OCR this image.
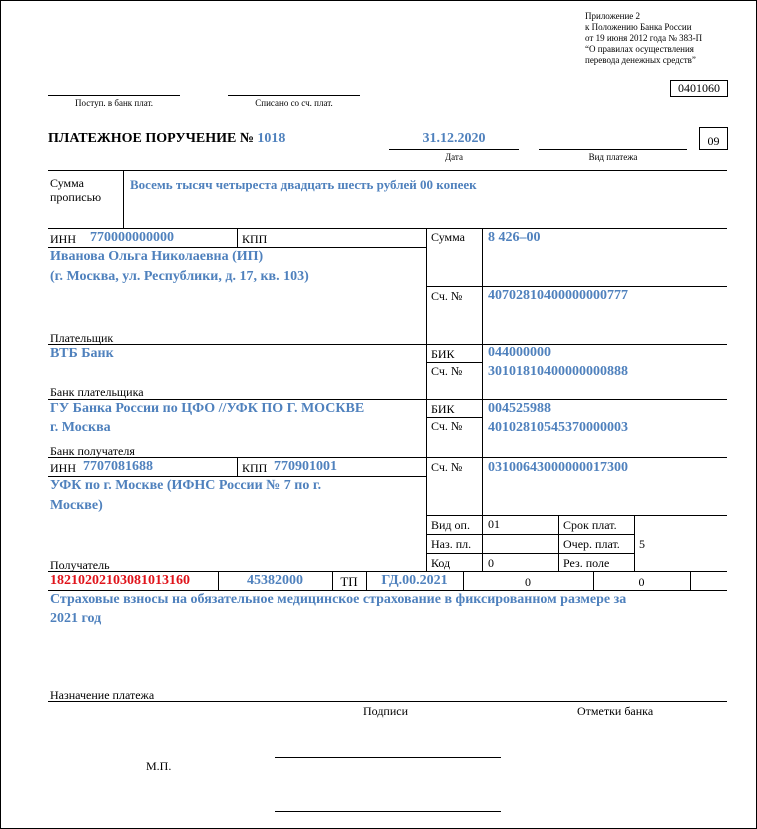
Приложение 2
к Положению Банка России
от 19 июня 2012 года № 383-П
“О правилах осуществления
перевода денежных средств”
0401060
Поступ. в банк плат.	Списано со сч. плат.
ПЛАТЕЖНОЕ ПОРУЧЕНИЕ № 1018	31.12.2020
Дата	Вид платежа
09
Сумма
прописью
Восемь тысяч четыреста двадцать шесть рублей 00 копеек
ИНН 770000000000	КПП	Сумма 8 426–00
Иванова Ольга Николаевна (ИП)
(г. Москва, ул. Республики, д. 17, кв. 103)
Сч. № 40702810400000000777
Плательщик
ВТБ Банк	БИК 044000000
Сч. № 30101810400000000888
Банк плательщика
ГУ Банка России по ЦФО //УФК ПО Г. МОСКВЕ
г. Москва
БИК 004525988
Сч. № 40102810545370000003
Банк получателя
ИНН 7707081688	КПП 770901001	Сч. № 03100643000000017300
УФК по г. Москве (ИФНС России № 7 по г.
Москве)
Вид оп. 01	Срок плат.
Наз. пл.	Очер. плат. 5
Код	0	Рез. поле
Получатель
18210202103081013160	45382000	ТП	ГД.00.2021	0	0
Страховые взносы на обязательное медицинское страхование в фиксированном размере за
2021 год
Назначение платежа
Подписи	Отметки банка
М.П.
